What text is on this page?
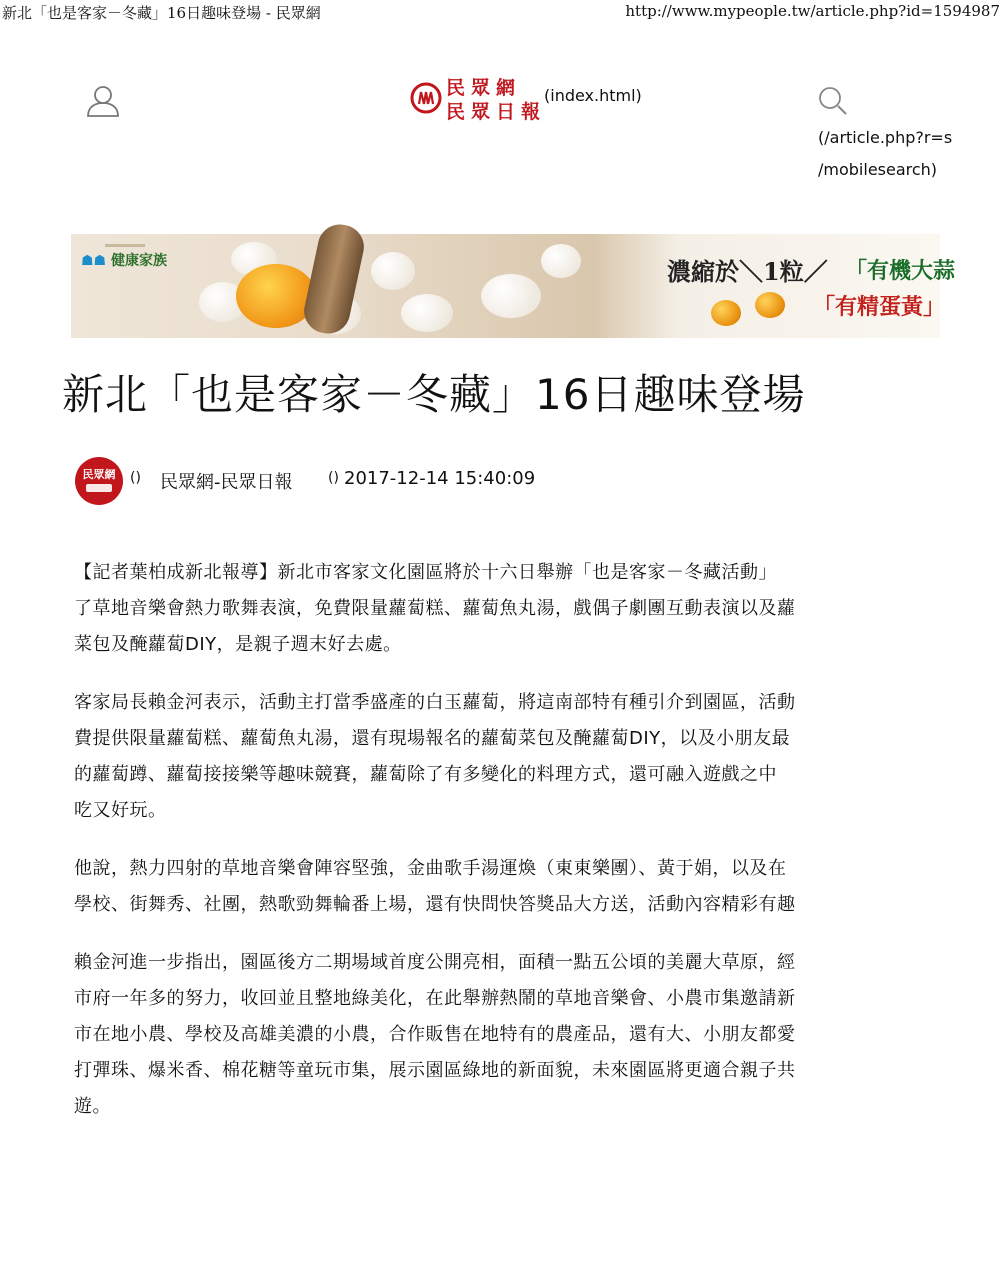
新北「也是客家－冬藏」16日趣味登場 - 民眾網	http://www.mypeople.tw/article.php?id=1594987
民眾網
民眾日報
(index.html)
(/article.php?r=s
/mobilesearch)
☗☗ 健康家族	濃縮於＼1粒／ 「有機大蒜
「有精蛋黃」
新北「也是客家－冬藏」16日趣味登場
民眾網 () 民眾網-民眾日報	() 2017-12-14 15:40:09
【記者葉柏成新北報導】新北市客家文化園區將於十六日舉辦「也是客家－冬藏活動」
了草地音樂會熱力歌舞表演，免費限量蘿蔔糕、蘿蔔魚丸湯，戲偶子劇團互動表演以及蘿
菜包及醃蘿蔔DIY，是親子週末好去處。
客家局長賴金河表示，活動主打當季盛產的白玉蘿蔔，將這南部特有種引介到園區，活動
費提供限量蘿蔔糕、蘿蔔魚丸湯，還有現場報名的蘿蔔菜包及醃蘿蔔DIY，以及小朋友最
的蘿蔔蹲、蘿蔔接接樂等趣味競賽，蘿蔔除了有多變化的料理方式，還可融入遊戲之中
吃又好玩。
他說，熱力四射的草地音樂會陣容堅強，金曲歌手湯運煥（東東樂團）、黃于娟，以及在
學校、街舞秀、社團，熱歌勁舞輪番上場，還有快問快答獎品大方送，活動內容精彩有趣
賴金河進一步指出，園區後方二期場域首度公開亮相，面積一點五公頃的美麗大草原，經
市府一年多的努力，收回並且整地綠美化，在此舉辦熱鬧的草地音樂會、小農市集邀請新
市在地小農、學校及高雄美濃的小農，合作販售在地特有的農產品，還有大、小朋友都愛
打彈珠、爆米香、棉花糖等童玩市集，展示園區綠地的新面貌，未來園區將更適合親子共
遊。
